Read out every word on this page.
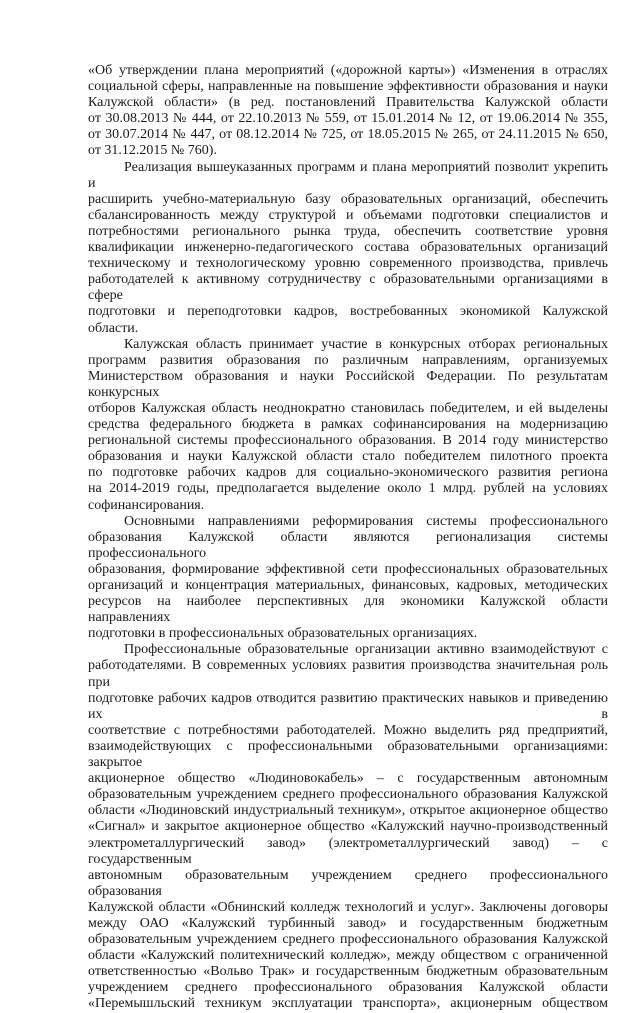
«Об утверждении плана мероприятий («дорожной карты») «Изменения в отраслях
социальной сферы, направленные на повышение эффективности образования и науки
Калужской области» (в ред. постановлений Правительства Калужской области
от 30.08.2013 № 444, от 22.10.2013 № 559, от 15.01.2014 № 12, от 19.06.2014 № 355,
от 30.07.2014 № 447, от 08.12.2014 № 725, от 18.05.2015 № 265, от 24.11.2015 № 650,
от 31.12.2015 № 760).
Реализация вышеуказанных программ и плана мероприятий позволит укрепить и
расширить учебно-материальную базу образовательных организаций, обеспечить
сбалансированность между структурой и объемами подготовки специалистов и
потребностями регионального рынка труда, обеспечить соответствие уровня
квалификации инженерно-педагогического состава образовательных организаций
техническому и технологическому уровню современного производства, привлечь
работодателей к активному сотрудничеству с образовательными организациями в сфере
подготовки и переподготовки кадров, востребованных экономикой Калужской области.
Калужская область принимает участие в конкурсных отборах региональных
программ развития образования по различным направлениям, организуемых
Министерством образования и науки Российской Федерации. По результатам конкурсных
отборов Калужская область неоднократно становилась победителем, и ей выделены
средства федерального бюджета в рамках софинансирования на модернизацию
региональной системы профессионального образования. В 2014 году министерство
образования и науки Калужской области стало победителем пилотного проекта
по подготовке рабочих кадров для социально-экономического развития региона
на 2014-2019 годы, предполагается выделение около 1 млрд. рублей на условиях
софинансирования.
Основными направлениями реформирования системы профессионального
образования Калужской области являются регионализация системы профессионального
образования, формирование эффективной сети профессиональных образовательных
организаций и концентрация материальных, финансовых, кадровых, методических
ресурсов на наиболее перспективных для экономики Калужской области направлениях
подготовки в профессиональных образовательных организациях.
Профессиональные образовательные организации активно взаимодействуют с
работодателями. В современных условиях развития производства значительная роль при
подготовке рабочих кадров отводится развитию практических навыков и приведению их в
соответствие с потребностями работодателей. Можно выделить ряд предприятий,
взаимодействующих с профессиональными образовательными организациями: закрытое
акционерное общество «Людиновокабель» – с государственным автономным
образовательным учреждением среднего профессионального образования Калужской
области «Людиновский индустриальный техникум», открытое акционерное общество
«Сигнал» и закрытое акционерное общество «Калужский научно-производственный
электрометаллургический завод» (электрометаллургический завод) – с государственным
автономным образовательным учреждением среднего профессионального образования
Калужской области «Обнинский колледж технологий и услуг». Заключены договоры
между ОАО «Калужский турбинный завод» и государственным бюджетным
образовательным учреждением среднего профессионального образования Калужской
области «Калужский политехнический колледж», между обществом с ограниченной
ответственностью «Вольво Трак» и государственным бюджетным образовательным
учреждением среднего профессионального образования Калужской области
«Перемышльский техникум эксплуатации транспорта», акционерным обществом
